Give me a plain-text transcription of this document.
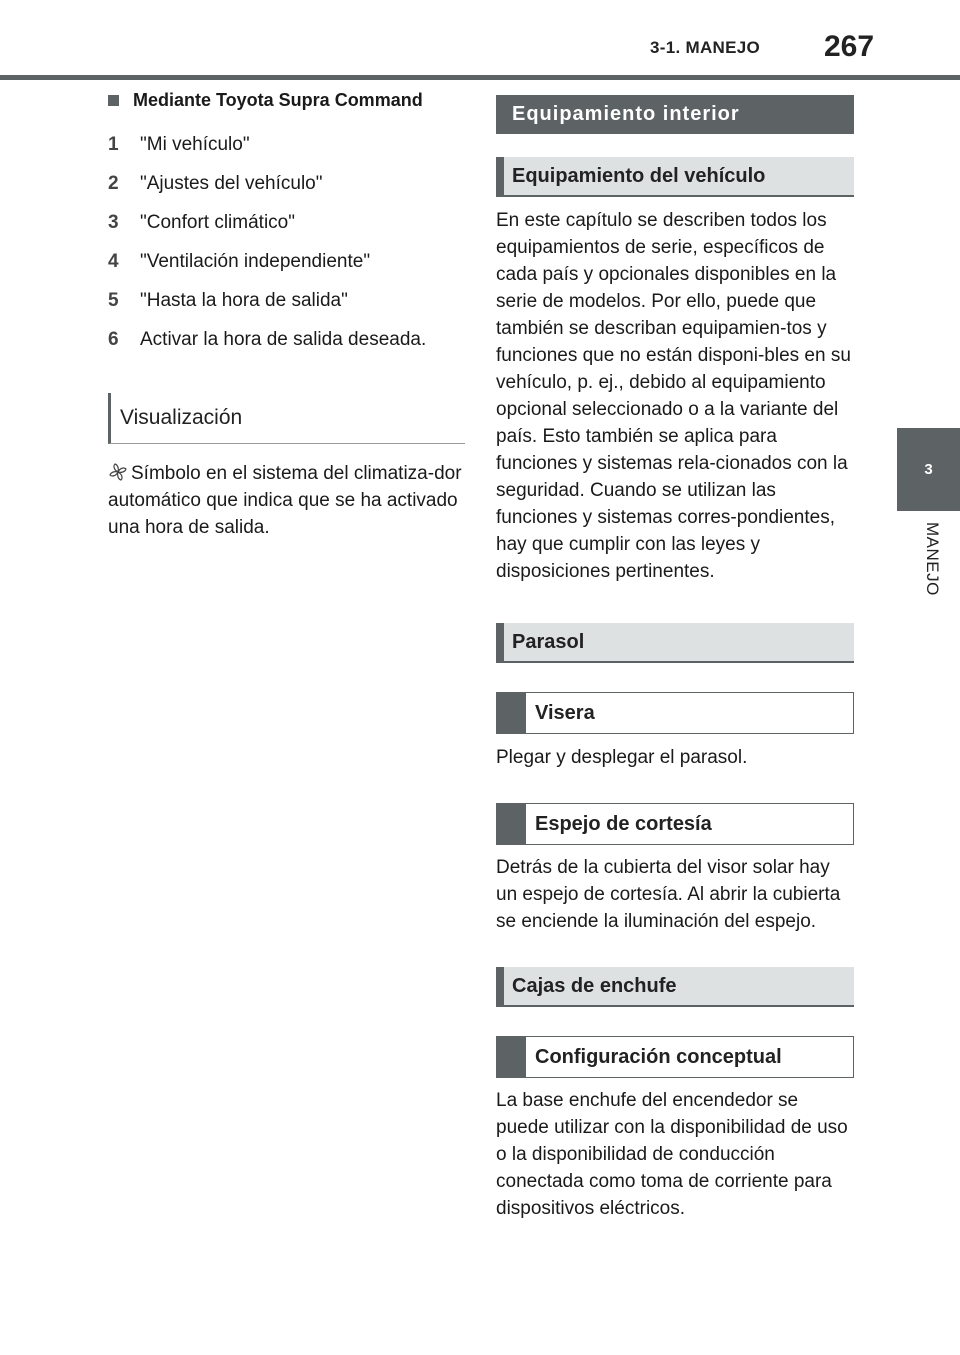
3-1. MANEJO 267
3
MANEJO
Mediante Toyota Supra Command
1	"Mi vehículo"
2	"Ajustes del vehículo"
3	"Confort climático"
4	"Ventilación independiente"
5	"Hasta la hora de salida"
6	Activar la hora de salida deseada.
Visualización

Símbolo en el sistema del climatiza-dor automático que indica que se ha activado una hora de salida.

Equipamiento interior
Equipamiento del vehículo

En este capítulo se describen todos los equipamientos de serie, específicos de cada país y opcionales disponibles en la serie de modelos. Por ello, puede que también se describan equipamien-tos y funciones que no están disponi-bles en su vehículo, p. ej., debido al equipamiento opcional seleccionado o a la variante del país. Esto también se aplica para funciones y sistemas rela-cionados con la seguridad. Cuando se utilizan las funciones y sistemas corres-pondientes, hay que cumplir con las leyes y disposiciones pertinentes.

Parasol
Visera

Plegar y desplegar el parasol.

Espejo de cortesía

Detrás de la cubierta del visor solar hay un espejo de cortesía. Al abrir la cubierta se enciende la iluminación del espejo.

Cajas de enchufe
Configuración conceptual

La base enchufe del encendedor se puede utilizar con la disponibilidad de uso o la disponibilidad de conducción conectada como toma de corriente para dispositivos eléctricos.
